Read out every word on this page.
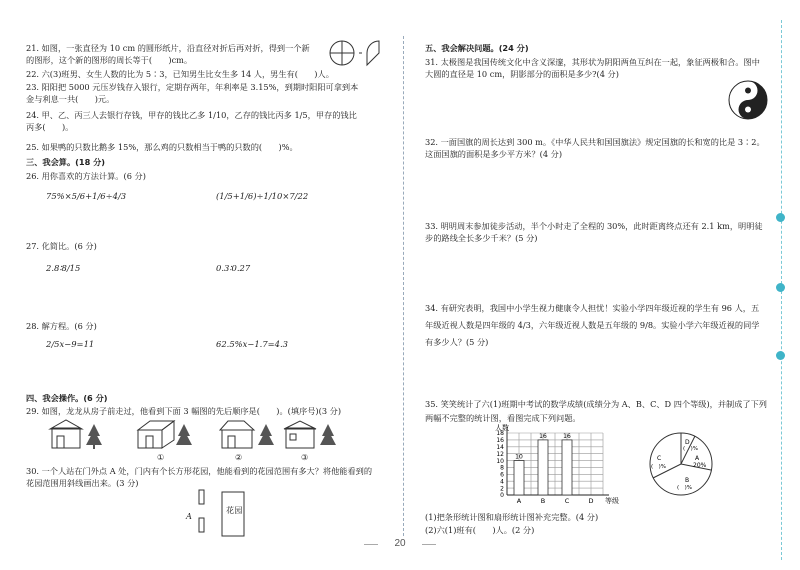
21. 如图，一张直径为 10 cm 的圆形纸片，沿直径对折后再对折，得到一个新的图形，这个新的图形的周长等于(　　)cm。
22. 六(3)班男、女生人数的比为 5∶3，已知男生比女生多 14 人，男生有(　　)人。
23. 阳阳把 5000 元压岁钱存入银行，定期存两年，年利率是 3.15%，到期时阳阳可拿到本金与利息一共(　　)元。
24. 甲、乙、丙三人去银行存钱，甲存的钱比乙多 1/10，乙存的钱比丙多 1/5，甲存的钱比丙多(　　)。
25. 如果鸭的只数比鹅多 15%，那么鸡的只数相当于鸭的只数的(　　)%。
三、我会算。(18 分)
26. 用你喜欢的方法计算。(6 分)
75%×5/6+1/6÷4/3	(1/5+1/6)÷1/10×7/22
27. 化简比。(6 分)
2.8∶8/15	0.3∶0.27
28. 解方程。(6 分)
2/5x−9=11	62.5%x−1.7=4.3
四、我会操作。(6 分)
29. 如图，龙龙从房子前走过，他看到下面 3 幅图的先后顺序是(　　)。(填序号)(3 分)
①	②	③
30. 一个人站在门外点 A 处，门内有个长方形花园，他能看到的花园范围有多大？将他能看到的花园范围用斜线画出来。(3 分)
A
花园
五、我会解决问题。(24 分)
31. 太极图是我国传统文化中含义深邃，其形状为阴阳两鱼互纠在一起，象征两极和合。图中大圆的直径是 10 cm，阴影部分的面积是多少?(4 分)
32. 一面国旗的周长达到 300 m。《中华人民共和国国旗法》规定国旗的长和宽的比是 3∶2。这面国旗的面积是多少平方米？(4 分)
33. 明明周末参加徒步活动，半个小时走了全程的 30%，此时距离终点还有 2.1 km，明明徒步的路线全长多少千米？(5 分)
34. 有研究表明，我国中小学生视力健康令人担忧！实验小学四年级近视的学生有 96 人，五年级近视人数是四年级的 4/3，六年级近视人数是五年级的 9/8。实验小学六年级近视的同学有多少人？(5 分)
35. 笑笑统计了六(1)班期中考试的数学成绩(成绩分为 A、B、C、D 四个等级)，并制成了下列两幅不完整的统计图，看图完成下列问题。
人数
0
2
4
6
8
10
12
14
16
18
A	B	C	D
10
16	16
等级
D
(　)%
A
20%
B
(　)%
C
(　)%
(1)把条形统计图和扇形统计图补充完整。(4 分)
(2)六(1)班有(　　)人。(2 分)
20
